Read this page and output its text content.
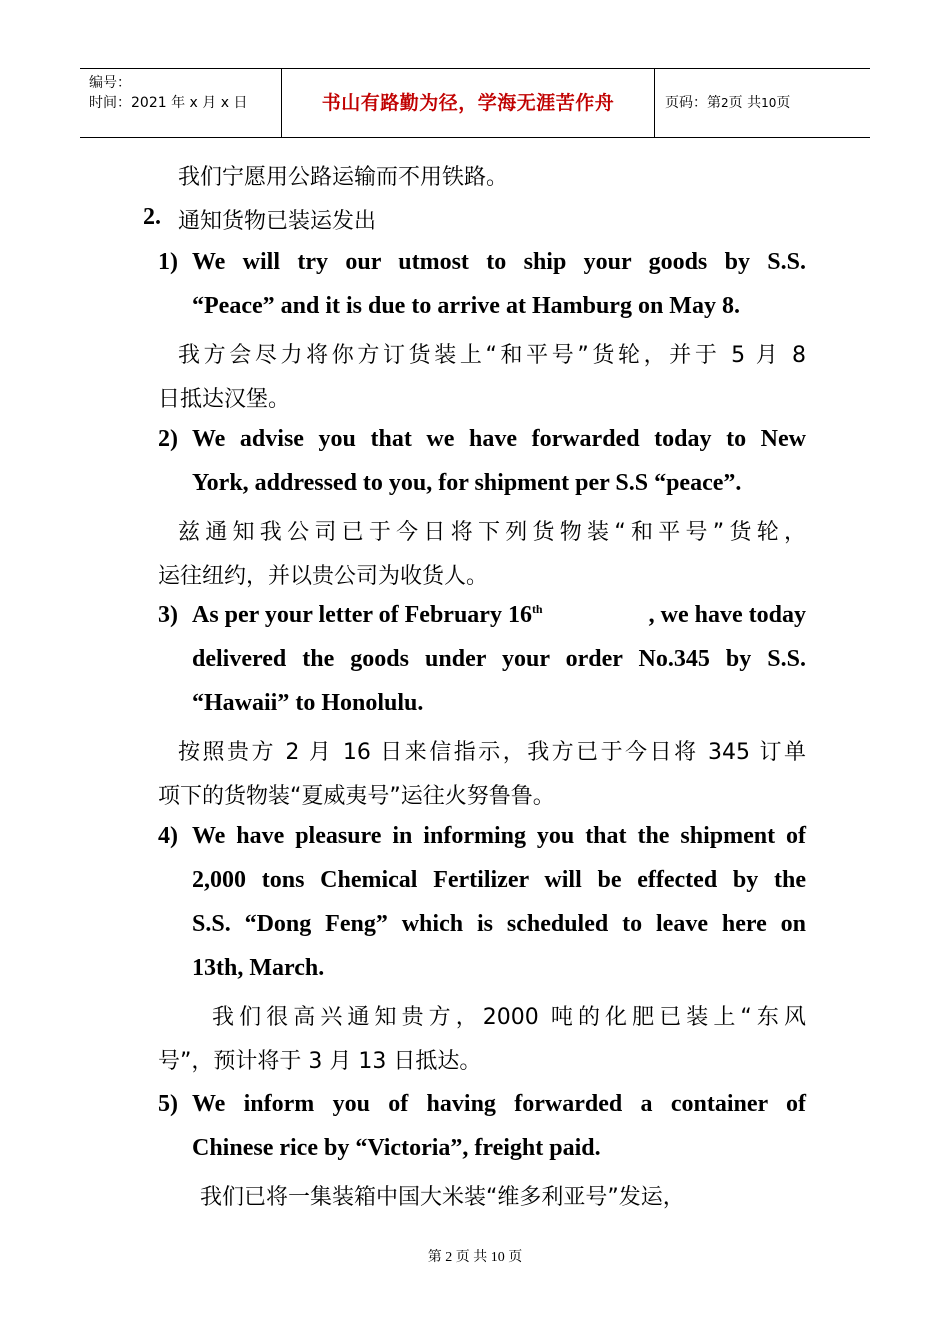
编号：
时间：2021 年 x 月 x 日	书山有路勤为径，学海无涯苦作舟	页码：第2页 共10页
我们宁愿用公路运输而不用铁路。
2. 通知货物已装运发出
1) We will try our utmost to ship your goods by S.S.
“Peace” and it is due to arrive at Hamburg on May 8.
我方会尽力将你方订货装上“和平号”货轮，并于 5 月 8
日抵达汉堡。
2) We advise you that we have forwarded today to New
York, addressed to you, for shipment per S.S “peace”.
兹通知我公司已于今日将下列货物装“和平号”货轮，
运往纽约，并以贵公司为收货人。
3) As per your letter of February 16th	, we have today
delivered the goods under your order No.345 by S.S.
“Hawaii” to Honolulu.
按照贵方 2 月 16 日来信指示，我方已于今日将 345 订单
项下的货物装“夏威夷号”运往火努鲁鲁。
4) We have pleasure in informing you that the shipment of
2,000 tons Chemical Fertilizer will be effected by the
S.S. “Dong Feng” which is scheduled to leave here on
13th, March.
我们很高兴通知贵方，2000 吨的化肥已装上“东风
号”，预计将于 3 月 13 日抵达。
5) We inform you of having forwarded a container of
Chinese rice by “Victoria”, freight paid.
我们已将一集装箱中国大米装“维多利亚号”发运，
第 2 页 共 10 页
